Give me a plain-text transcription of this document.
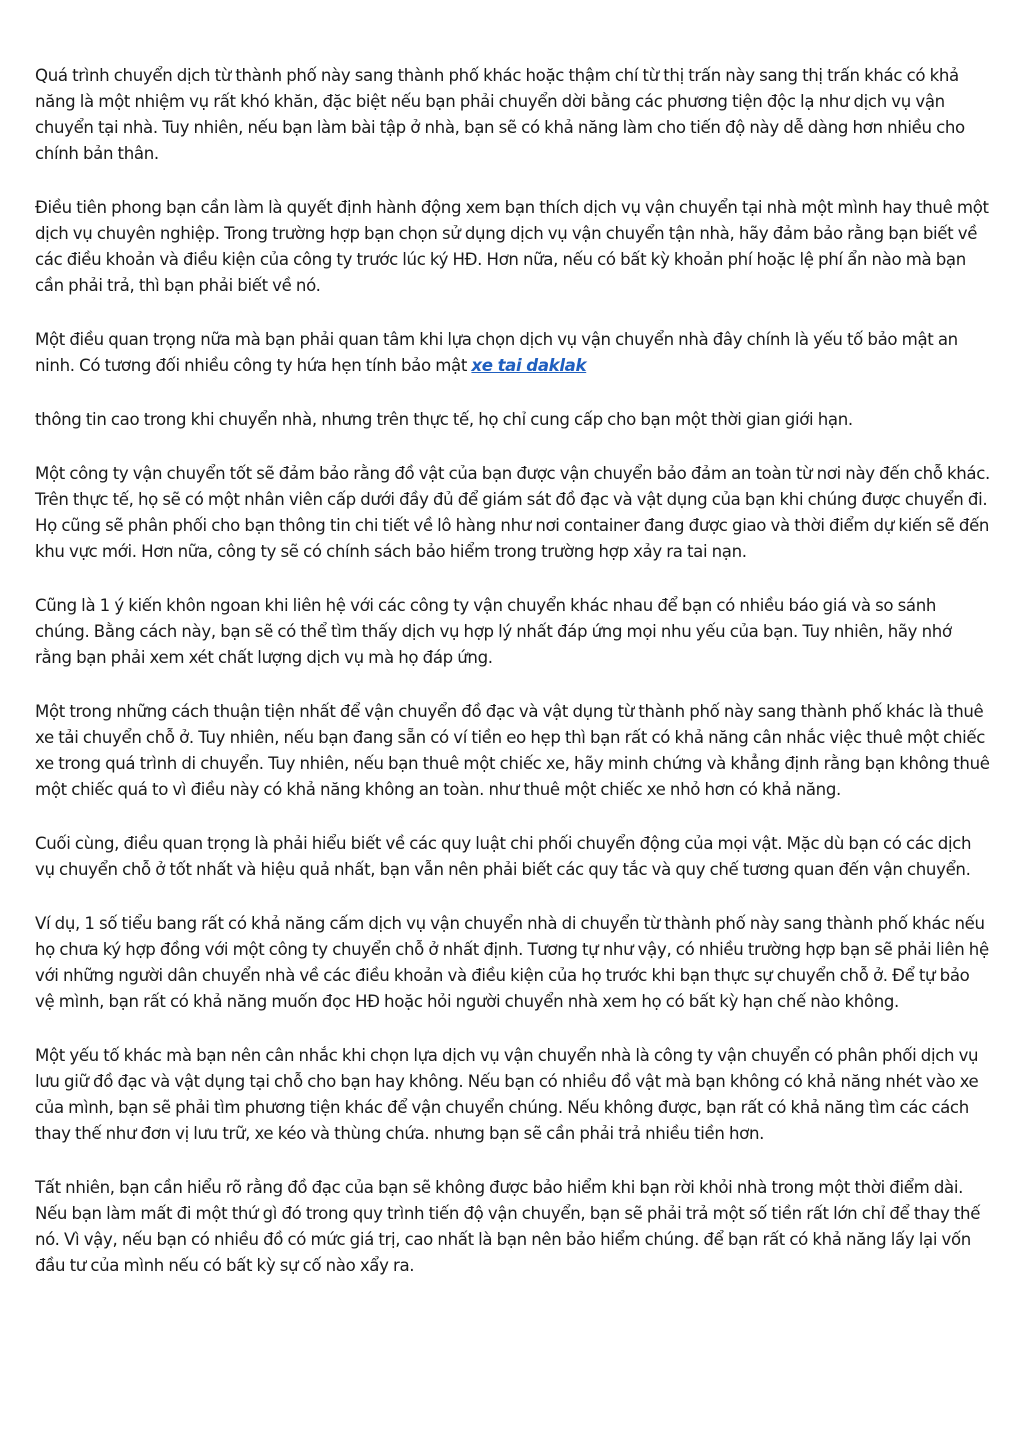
Quá trình chuyển dịch từ thành phố này sang thành phố khác hoặc thậm chí từ thị trấn này sang thị trấn khác có khả năng là một nhiệm vụ rất khó khăn, đặc biệt nếu bạn phải chuyển dời bằng các phương tiện độc lạ như dịch vụ vận chuyển tại nhà. Tuy nhiên, nếu bạn làm bài tập ở nhà, bạn sẽ có khả năng làm cho tiến độ này dễ dàng hơn nhiều cho chính bản thân.

Điều tiên phong bạn cần làm là quyết định hành động xem bạn thích dịch vụ vận chuyển tại nhà một mình hay thuê một dịch vụ chuyên nghiệp. Trong trường hợp bạn chọn sử dụng dịch vụ vận chuyển tận nhà, hãy đảm bảo rằng bạn biết về các điều khoản và điều kiện của công ty trước lúc ký HĐ. Hơn nữa, nếu có bất kỳ khoản phí hoặc lệ phí ẩn nào mà bạn cần phải trả, thì bạn phải biết về nó.

Một điều quan trọng nữa mà bạn phải quan tâm khi lựa chọn dịch vụ vận chuyển nhà đây chính là yếu tố bảo mật an ninh. Có tương đối nhiều công ty hứa hẹn tính bảo mật xe tai daklak

thông tin cao trong khi chuyển nhà, nhưng trên thực tế, họ chỉ cung cấp cho bạn một thời gian giới hạn.

Một công ty vận chuyển tốt sẽ đảm bảo rằng đồ vật của bạn được vận chuyển bảo đảm an toàn từ nơi này đến chỗ khác. Trên thực tế, họ sẽ có một nhân viên cấp dưới đầy đủ để giám sát đồ đạc và vật dụng của bạn khi chúng được chuyển đi. Họ cũng sẽ phân phối cho bạn thông tin chi tiết về lô hàng như nơi container đang được giao và thời điểm dự kiến sẽ đến khu vực mới. Hơn nữa, công ty sẽ có chính sách bảo hiểm trong trường hợp xảy ra tai nạn.

Cũng là 1 ý kiến khôn ngoan khi liên hệ với các công ty vận chuyển khác nhau để bạn có nhiều báo giá và so sánh chúng. Bằng cách này, bạn sẽ có thể tìm thấy dịch vụ hợp lý nhất đáp ứng mọi nhu yếu của bạn. Tuy nhiên, hãy nhớ rằng bạn phải xem xét chất lượng dịch vụ mà họ đáp ứng.

Một trong những cách thuận tiện nhất để vận chuyển đồ đạc và vật dụng từ thành phố này sang thành phố khác là thuê xe tải chuyển chỗ ở. Tuy nhiên, nếu bạn đang sẵn có ví tiền eo hẹp thì bạn rất có khả năng cân nhắc việc thuê một chiếc xe trong quá trình di chuyển. Tuy nhiên, nếu bạn thuê một chiếc xe, hãy minh chứng và khẳng định rằng bạn không thuê một chiếc quá to vì điều này có khả năng không an toàn. như thuê một chiếc xe nhỏ hơn có khả năng.

Cuối cùng, điều quan trọng là phải hiểu biết về các quy luật chi phối chuyển động của mọi vật. Mặc dù bạn có các dịch vụ chuyển chỗ ở tốt nhất và hiệu quả nhất, bạn vẫn nên phải biết các quy tắc và quy chế tương quan đến vận chuyển.

Ví dụ, 1 số tiểu bang rất có khả năng cấm dịch vụ vận chuyển nhà di chuyển từ thành phố này sang thành phố khác nếu họ chưa ký hợp đồng với một công ty chuyển chỗ ở nhất định. Tương tự như vậy, có nhiều trường hợp bạn sẽ phải liên hệ với những người dân chuyển nhà về các điều khoản và điều kiện của họ trước khi bạn thực sự chuyển chỗ ở. Để tự bảo vệ mình, bạn rất có khả năng muốn đọc HĐ hoặc hỏi người chuyển nhà xem họ có bất kỳ hạn chế nào không.

Một yếu tố khác mà bạn nên cân nhắc khi chọn lựa dịch vụ vận chuyển nhà là công ty vận chuyển có phân phối dịch vụ lưu giữ đồ đạc và vật dụng tại chỗ cho bạn hay không. Nếu bạn có nhiều đồ vật mà bạn không có khả năng nhét vào xe của mình, bạn sẽ phải tìm phương tiện khác để vận chuyển chúng. Nếu không được, bạn rất có khả năng tìm các cách thay thế như đơn vị lưu trữ, xe kéo và thùng chứa. nhưng bạn sẽ cần phải trả nhiều tiền hơn.

Tất nhiên, bạn cần hiểu rõ rằng đồ đạc của bạn sẽ không được bảo hiểm khi bạn rời khỏi nhà trong một thời điểm dài. Nếu bạn làm mất đi một thứ gì đó trong quy trình tiến độ vận chuyển, bạn sẽ phải trả một số tiền rất lớn chỉ để thay thế nó. Vì vậy, nếu bạn có nhiều đồ có mức giá trị, cao nhất là bạn nên bảo hiểm chúng. để bạn rất có khả năng lấy lại vốn đầu tư của mình nếu có bất kỳ sự cố nào xẩy ra.
